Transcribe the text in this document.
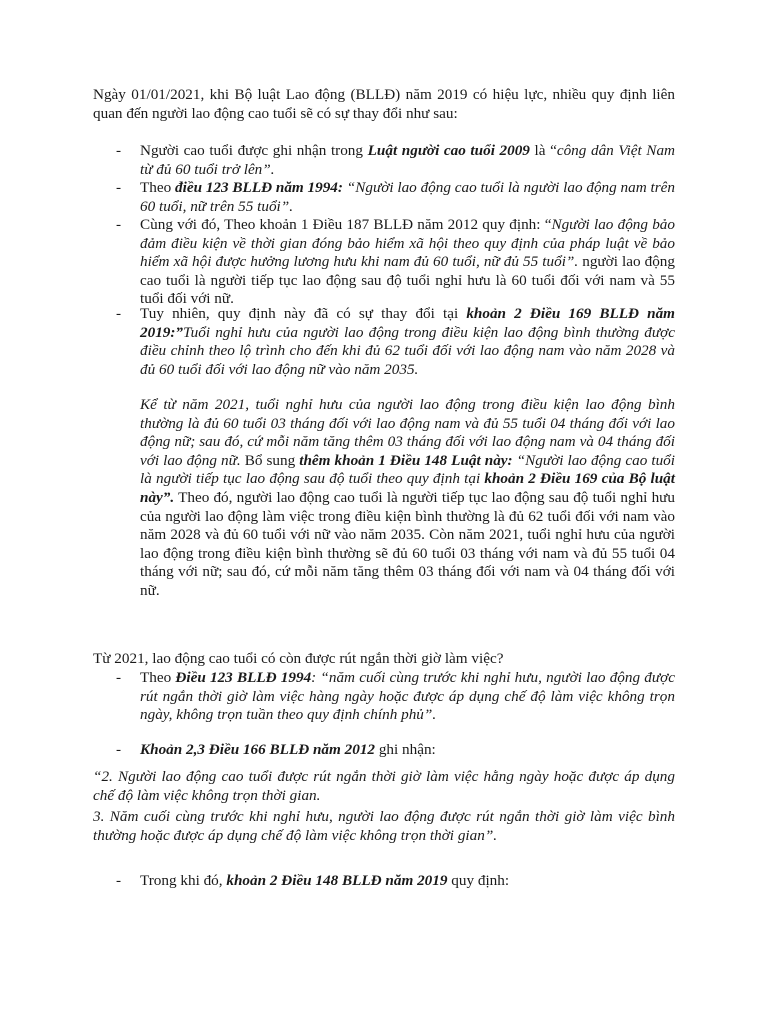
Ngày 01/01/2021, khi Bộ luật Lao động (BLLĐ) năm 2019 có hiệu lực, nhiều quy định liên quan đến người lao động cao tuổi sẽ có sự thay đổi như sau:

- Người cao tuổi được ghi nhận trong Luật người cao tuổi 2009 là “công dân Việt Nam từ đủ 60 tuổi trở lên”.

- Theo điều 123 BLLĐ năm 1994: “Người lao động cao tuổi là người lao động nam trên 60 tuổi, nữ trên 55 tuổi”.

- Cùng với đó, Theo khoản 1 Điều 187 BLLĐ năm 2012 quy định: “Người lao động bảo đảm điều kiện về thời gian đóng bảo hiểm xã hội theo quy định của pháp luật về bảo hiểm xã hội được hưởng lương hưu khi nam đủ 60 tuổi, nữ đủ 55 tuổi”. người lao động cao tuổi là người tiếp tục lao động sau độ tuổi nghỉ hưu là 60 tuổi đối với nam và 55 tuổi đối với nữ.

- Tuy nhiên, quy định này đã có sự thay đổi tại khoản 2 Điều 169 BLLĐ năm 2019:”Tuổi nghỉ hưu của người lao động trong điều kiện lao động bình thường được điều chỉnh theo lộ trình cho đến khi đủ 62 tuổi đối với lao động nam vào năm 2028 và đủ 60 tuổi đối với lao động nữ vào năm 2035.

Kể từ năm 2021, tuổi nghỉ hưu của người lao động trong điều kiện lao động bình thường là đủ 60 tuổi 03 tháng đối với lao động nam và đủ 55 tuổi 04 tháng đối với lao động nữ; sau đó, cứ mỗi năm tăng thêm 03 tháng đối với lao động nam và 04 tháng đối với lao động nữ. Bổ sung thêm khoản 1 Điều 148 Luật này: “Người lao động cao tuổi là người tiếp tục lao động sau độ tuổi theo quy định tại khoản 2 Điều 169 của Bộ luật này”. Theo đó, người lao động cao tuổi là người tiếp tục lao động sau độ tuổi nghỉ hưu của người lao động làm việc trong điều kiện bình thường là đủ 62 tuổi đối với nam vào năm 2028 và đủ 60 tuổi với nữ vào năm 2035. Còn năm 2021, tuổi nghỉ hưu của người lao động trong điều kiện bình thường sẽ đủ 60 tuổi 03 tháng với nam và đủ 55 tuổi 04 tháng với nữ; sau đó, cứ mỗi năm tăng thêm 03 tháng đối với nam và 04 tháng đối với nữ.

Từ 2021, lao động cao tuổi có còn được rút ngắn thời giờ làm việc?

- Theo Điều 123 BLLĐ 1994: “năm cuối cùng trước khi nghỉ hưu, người lao động được rút ngắn thời giờ làm việc hàng ngày hoặc được áp dụng chế độ làm việc không trọn ngày, không trọn tuần theo quy định chính phủ”.

- Khoản 2,3 Điều 166 BLLĐ năm 2012 ghi nhận:

“2. Người lao động cao tuổi được rút ngắn thời giờ làm việc hằng ngày hoặc được áp dụng chế độ làm việc không trọn thời gian.

3. Năm cuối cùng trước khi nghỉ hưu, người lao động được rút ngắn thời giờ làm việc bình thường hoặc được áp dụng chế độ làm việc không trọn thời gian”.

- Trong khi đó, khoản 2 Điều 148 BLLĐ năm 2019 quy định:
